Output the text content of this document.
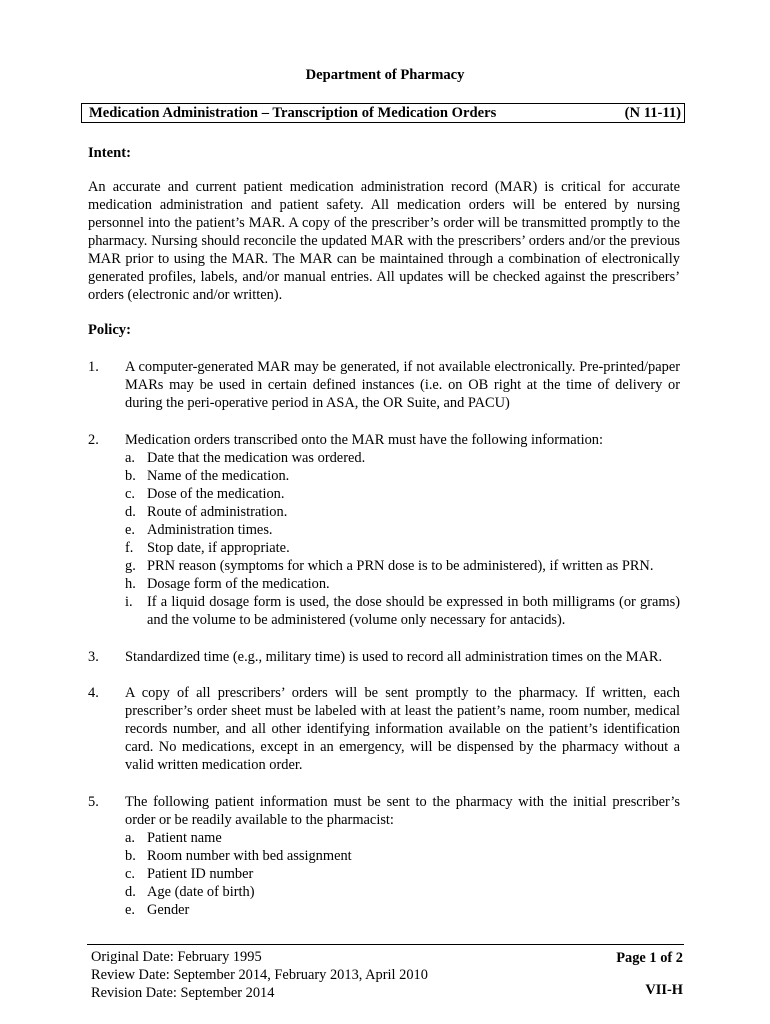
Department of Pharmacy
Medication Administration – Transcription of Medication Orders	(N 11-11)
Intent:
An accurate and current patient medication administration record (MAR) is critical for accurate medication administration and patient safety. All medication orders will be entered by nursing personnel into the patient’s MAR. A copy of the prescriber’s order will be transmitted promptly to the pharmacy. Nursing should reconcile the updated MAR with the prescribers’ orders and/or the previous MAR prior to using the MAR. The MAR can be maintained through a combination of electronically generated profiles, labels, and/or manual entries. All updates will be checked against the prescribers’ orders (electronic and/or written).
Policy:
1.	A computer-generated MAR may be generated, if not available electronically. Pre-printed/paper MARs may be used in certain defined instances (i.e. on OB right at the time of delivery or during the peri-operative period in ASA, the OR Suite, and PACU)
2.	Medication orders transcribed onto the MAR must have the following information:
a. Date that the medication was ordered.
b. Name of the medication.
c. Dose of the medication.
d. Route of administration.
e. Administration times.
f. Stop date, if appropriate.
g. PRN reason (symptoms for which a PRN dose is to be administered), if written as PRN.
h. Dosage form of the medication.
i. If a liquid dosage form is used, the dose should be expressed in both milligrams (or grams) and the volume to be administered (volume only necessary for antacids).
3.	Standardized time (e.g., military time) is used to record all administration times on the MAR.
4.	A copy of all prescribers’ orders will be sent promptly to the pharmacy. If written, each prescriber’s order sheet must be labeled with at least the patient’s name, room number, medical records number, and all other identifying information available on the patient’s identification card. No medications, except in an emergency, will be dispensed by the pharmacy without a valid written medication order.
5.	The following patient information must be sent to the pharmacy with the initial prescriber’s order or be readily available to the pharmacist:
a. Patient name
b. Room number with bed assignment
c. Patient ID number
d. Age (date of birth)
e. Gender
Original Date: February 1995
Review Date: September 2014, February 2013, April 2010
Revision Date: September 2014
Page 1 of 2
VII-H
